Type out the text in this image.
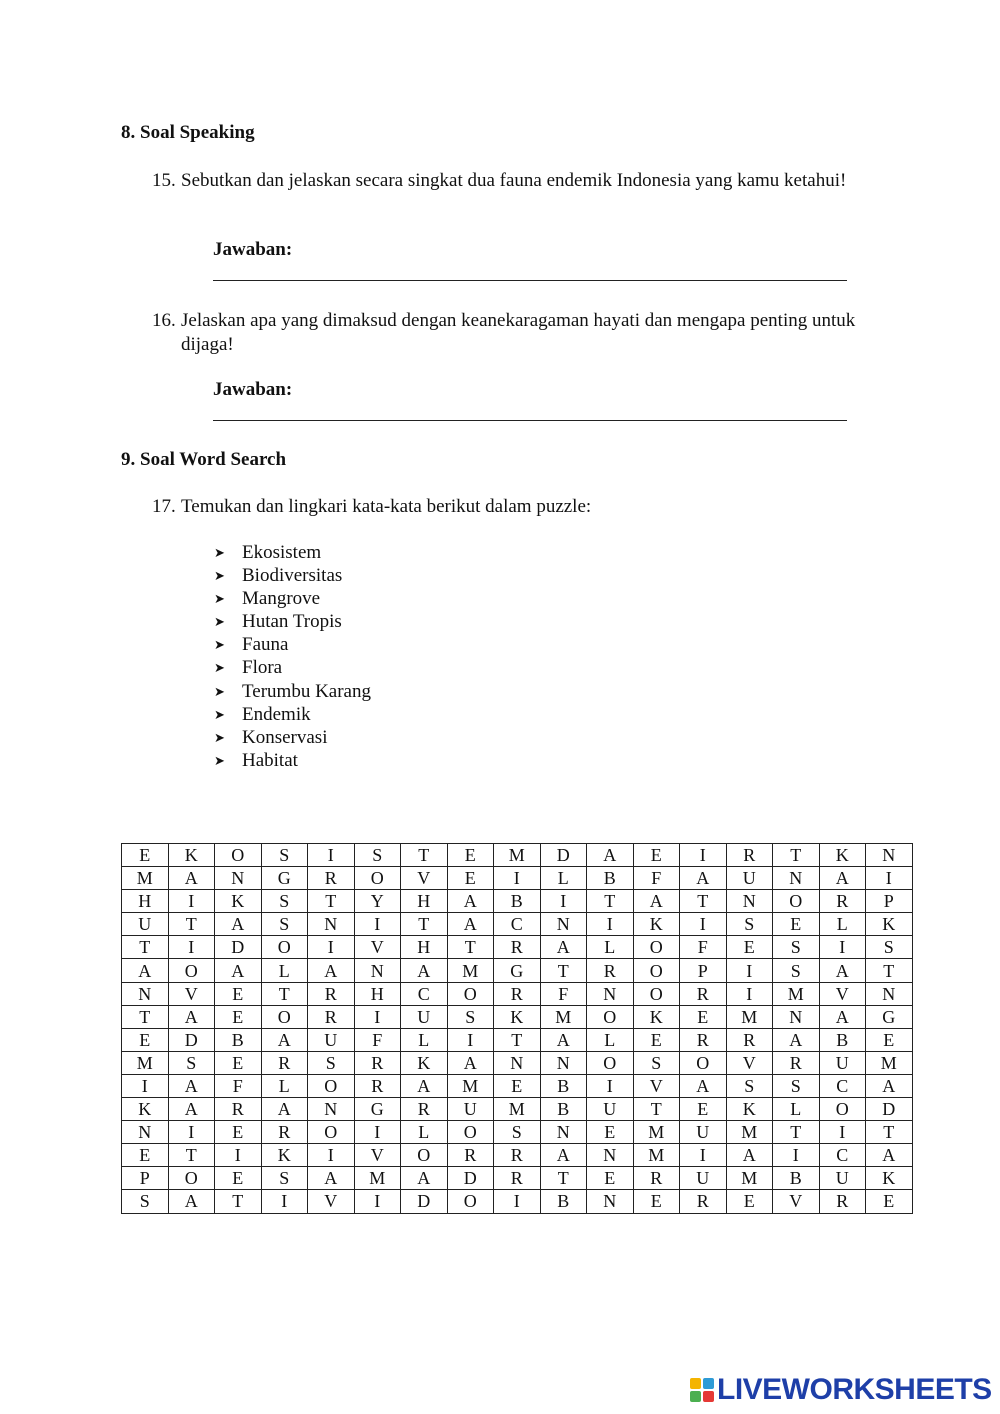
8. Soal Speaking
15. Sebutkan dan jelaskan secara singkat dua fauna endemik Indonesia yang kamu ketahui!
Jawaban:
16. Jelaskan apa yang dimaksud dengan keanekaragaman hayati dan mengapa penting untuk dijaga!
Jawaban:
9. Soal Word Search
17. Temukan dan lingkari kata-kata berikut dalam puzzle:
➤ Ekosistem
➤ Biodiversitas
➤ Mangrove
➤ Hutan Tropis
➤ Fauna
➤ Flora
➤ Terumbu Karang
➤ Endemik
➤ Konservasi
➤ Habitat
E	K	O	S	I	S	T	E	M	D	A	E	I	R	T	K	N
M	A	N	G	R	O	V	E	I	L	B	F	A	U	N	A	I
H	I	K	S	T	Y	H	A	B	I	T	A	T	N	O	R	P
U	T	A	S	N	I	T	A	C	N	I	K	I	S	E	L	K
T	I	D	O	I	V	H	T	R	A	L	O	F	E	S	I	S
A	O	A	L	A	N	A	M	G	T	R	O	P	I	S	A	T
N	V	E	T	R	H	C	O	R	F	N	O	R	I	M	V	N
T	A	E	O	R	I	U	S	K	M	O	K	E	M	N	A	G
E	D	B	A	U	F	L	I	T	A	L	E	R	R	A	B	E
M	S	E	R	S	R	K	A	N	N	O	S	O	V	R	U	M
I	A	F	L	O	R	A	M	E	B	I	V	A	S	S	C	A
K	A	R	A	N	G	R	U	M	B	U	T	E	K	L	O	D
N	I	E	R	O	I	L	O	S	N	E	M	U	M	T	I	T
E	T	I	K	I	V	O	R	R	A	N	M	I	A	I	C	A
P	O	E	S	A	M	A	D	R	T	E	R	U	M	B	U	K
S	A	T	I	V	I	D	O	I	B	N	E	R	E	V	R	E
LIVEWORKSHEETS
